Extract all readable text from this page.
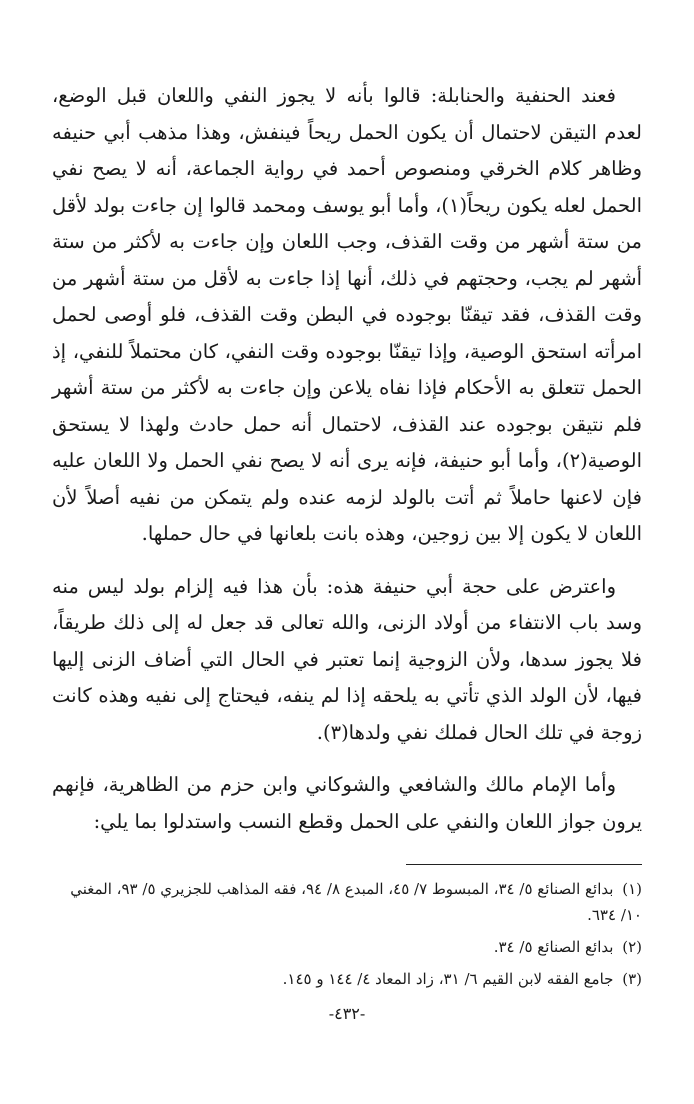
فعند الحنفية والحنابلة: قالوا بأنه لا يجوز النفي واللعان قبل الوضع، لعدم التيقن لاحتمال أن يكون الحمل ريحاً فينفش، وهذا مذهب أبي حنيفه وظاهر كلام الخرقي ومنصوص أحمد في رواية الجماعة، أنه لا يصح نفي الحمل لعله يكون ريحاً(١)، وأما أبو يوسف ومحمد قالوا إن جاءت بولد لأقل من ستة أشهر من وقت القذف، وجب اللعان وإن جاءت به لأكثر من ستة أشهر لم يجب، وحجتهم في ذلك، أنها إذا جاءت به لأقل من ستة أشهر من وقت القذف، فقد تيقنّا بوجوده في البطن وقت القذف، فلو أوصى لحمل امرأته استحق الوصية، وإذا تيقنّا بوجوده وقت النفي، كان محتملاً للنفي، إذ الحمل تتعلق به الأحكام فإذا نفاه يلاعن وإن جاءت به لأكثر من ستة أشهر فلم نتيقن بوجوده عند القذف، لاحتمال أنه حمل حادث ولهذا لا يستحق الوصية(٢)، وأما أبو حنيفة، فإنه يرى أنه لا يصح نفي الحمل ولا اللعان عليه فإن لاعنها حاملاً ثم أتت بالولد لزمه عنده ولم يتمكن من نفيه أصلاً لأن اللعان لا يكون إلا بين زوجين، وهذه بانت بلعانها في حال حملها.

واعترض على حجة أبي حنيفة هذه: بأن هذا فيه إلزام بولد ليس منه وسد باب الانتفاء من أولاد الزنى، والله تعالى قد جعل له إلى ذلك طريقاً، فلا يجوز سدها، ولأن الزوجية إنما تعتبر في الحال التي أضاف الزنى إليها فيها، لأن الولد الذي تأتي به يلحقه إذا لم ينفه، فيحتاج إلى نفيه وهذه كانت زوجة في تلك الحال فملك نفي ولدها(٣).

وأما الإمام مالك والشافعي والشوكاني وابن حزم من الظاهرية، فإنهم يرون جواز اللعان والنفي على الحمل وقطع النسب واستدلوا بما يلي:

(١) بدائع الصنائع ٥/ ٣٤، المبسوط ٧/ ٤٥، المبدع ٨/ ٩٤، فقه المذاهب للجزيري ٥/ ٩٣، المغني ١٠/ ٦٣٤.

(٢) بدائع الصنائع ٥/ ٣٤.

(٣) جامع الفقه لابن القيم ٦/ ٣١، زاد المعاد ٤/ ١٤٤ و ١٤٥.

-٤٣٢-
